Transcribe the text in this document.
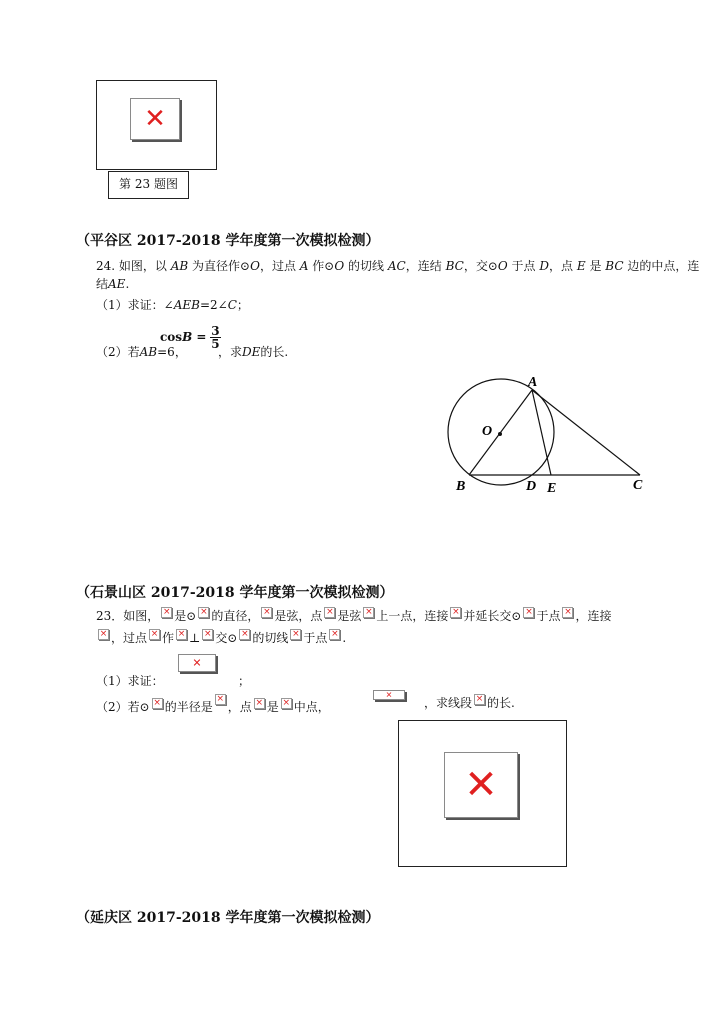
✕
第 23 题图
（平谷区 2017-2018 学年度第一次模拟检测）
24. 如图，以 AB 为直径作⊙O，过点 A 作⊙O 的切线 AC，连结 BC，交⊙O 于点 D，点 E 是 BC 边的中点，连
结AE.
（1）求证：∠AEB=2∠C；
（2）若AB=6，
$\cos B = \frac{3}{5}$
，求DE的长.
A
O
B	D E	C
（石景山区 2017-2018 学年度第一次模拟检测）
23．如图， × 是⊙ × 的直径， × 是弦，点 × 是弦 × 上一点，连接 × 并延长交⊙ × 于点 × ，连接
×，过点 × 作 × ⊥ × 交⊙ × 的切线 × 于点 × .
✕
（1）求证：	；
（2）若⊙ × 的半径是× ，点 × 是 × 中点，
✕
，求线段 × 的长.
✕
（延庆区 2017-2018 学年度第一次模拟检测）
